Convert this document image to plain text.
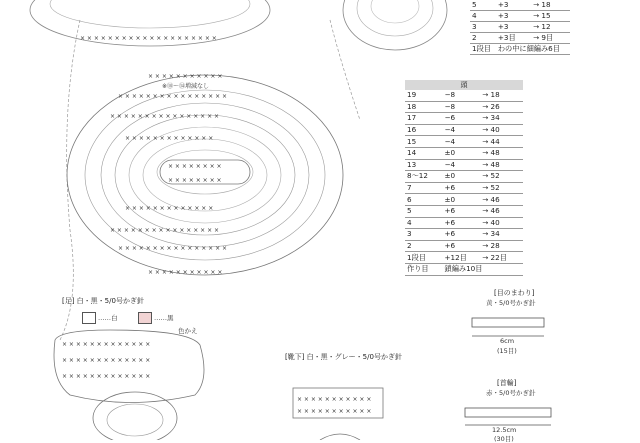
× × × × × × × × × × × × × × × × × × × ×
× × × × × × × × × × ×
× × × × × × × × × × × × × × × ×
× × × × × × × × × × × × × × × ×
× × × × × × × × × × × × ×
× × × × × × × ×
× × × × × × × ×
× × × × × × × × × × × × ×
× × × × × × × × × × × × × × × ×
× × × × × × × × × × × × × × × ×
× × × × × × × × × × ×
※⑱〜⑭増減なし
× × × × × × × × × × × × ×
× × × × × × × × × × × × ×
× × × × × × × × × × × × ×
× × × × × × × × × × ×
× × × × × × × × × × ×
5	+3	→ 18
4	+3	→ 15
3	+3	→ 12
2	+3目	→ 9目
1段目	わの中に細編み6目	
頭
19	−8	→ 18
18	−8	→ 26
17	−6	→ 34
16	−4	→ 40
15	−4	→ 44
14	±0	→ 48
13	−4	→ 48
8〜12	±0	→ 52
7	+6	→ 52
6	±0	→ 46
5	+6	→ 46
4	+6	→ 40
3	+6	→ 34
2	+6	→ 28
1段目	+12目	→ 22目
作り目	鎖編み10目	
[足] 白・黒・5/0号かぎ針
……白	……黒
色かえ
[靴下] 白・黒・グレー・5/0号かぎ針
[目のまわり]
黄・5/0号かぎ針
6cm
(15目)
[首輪]
赤・5/0号かぎ針
12.5cm
(30目)
